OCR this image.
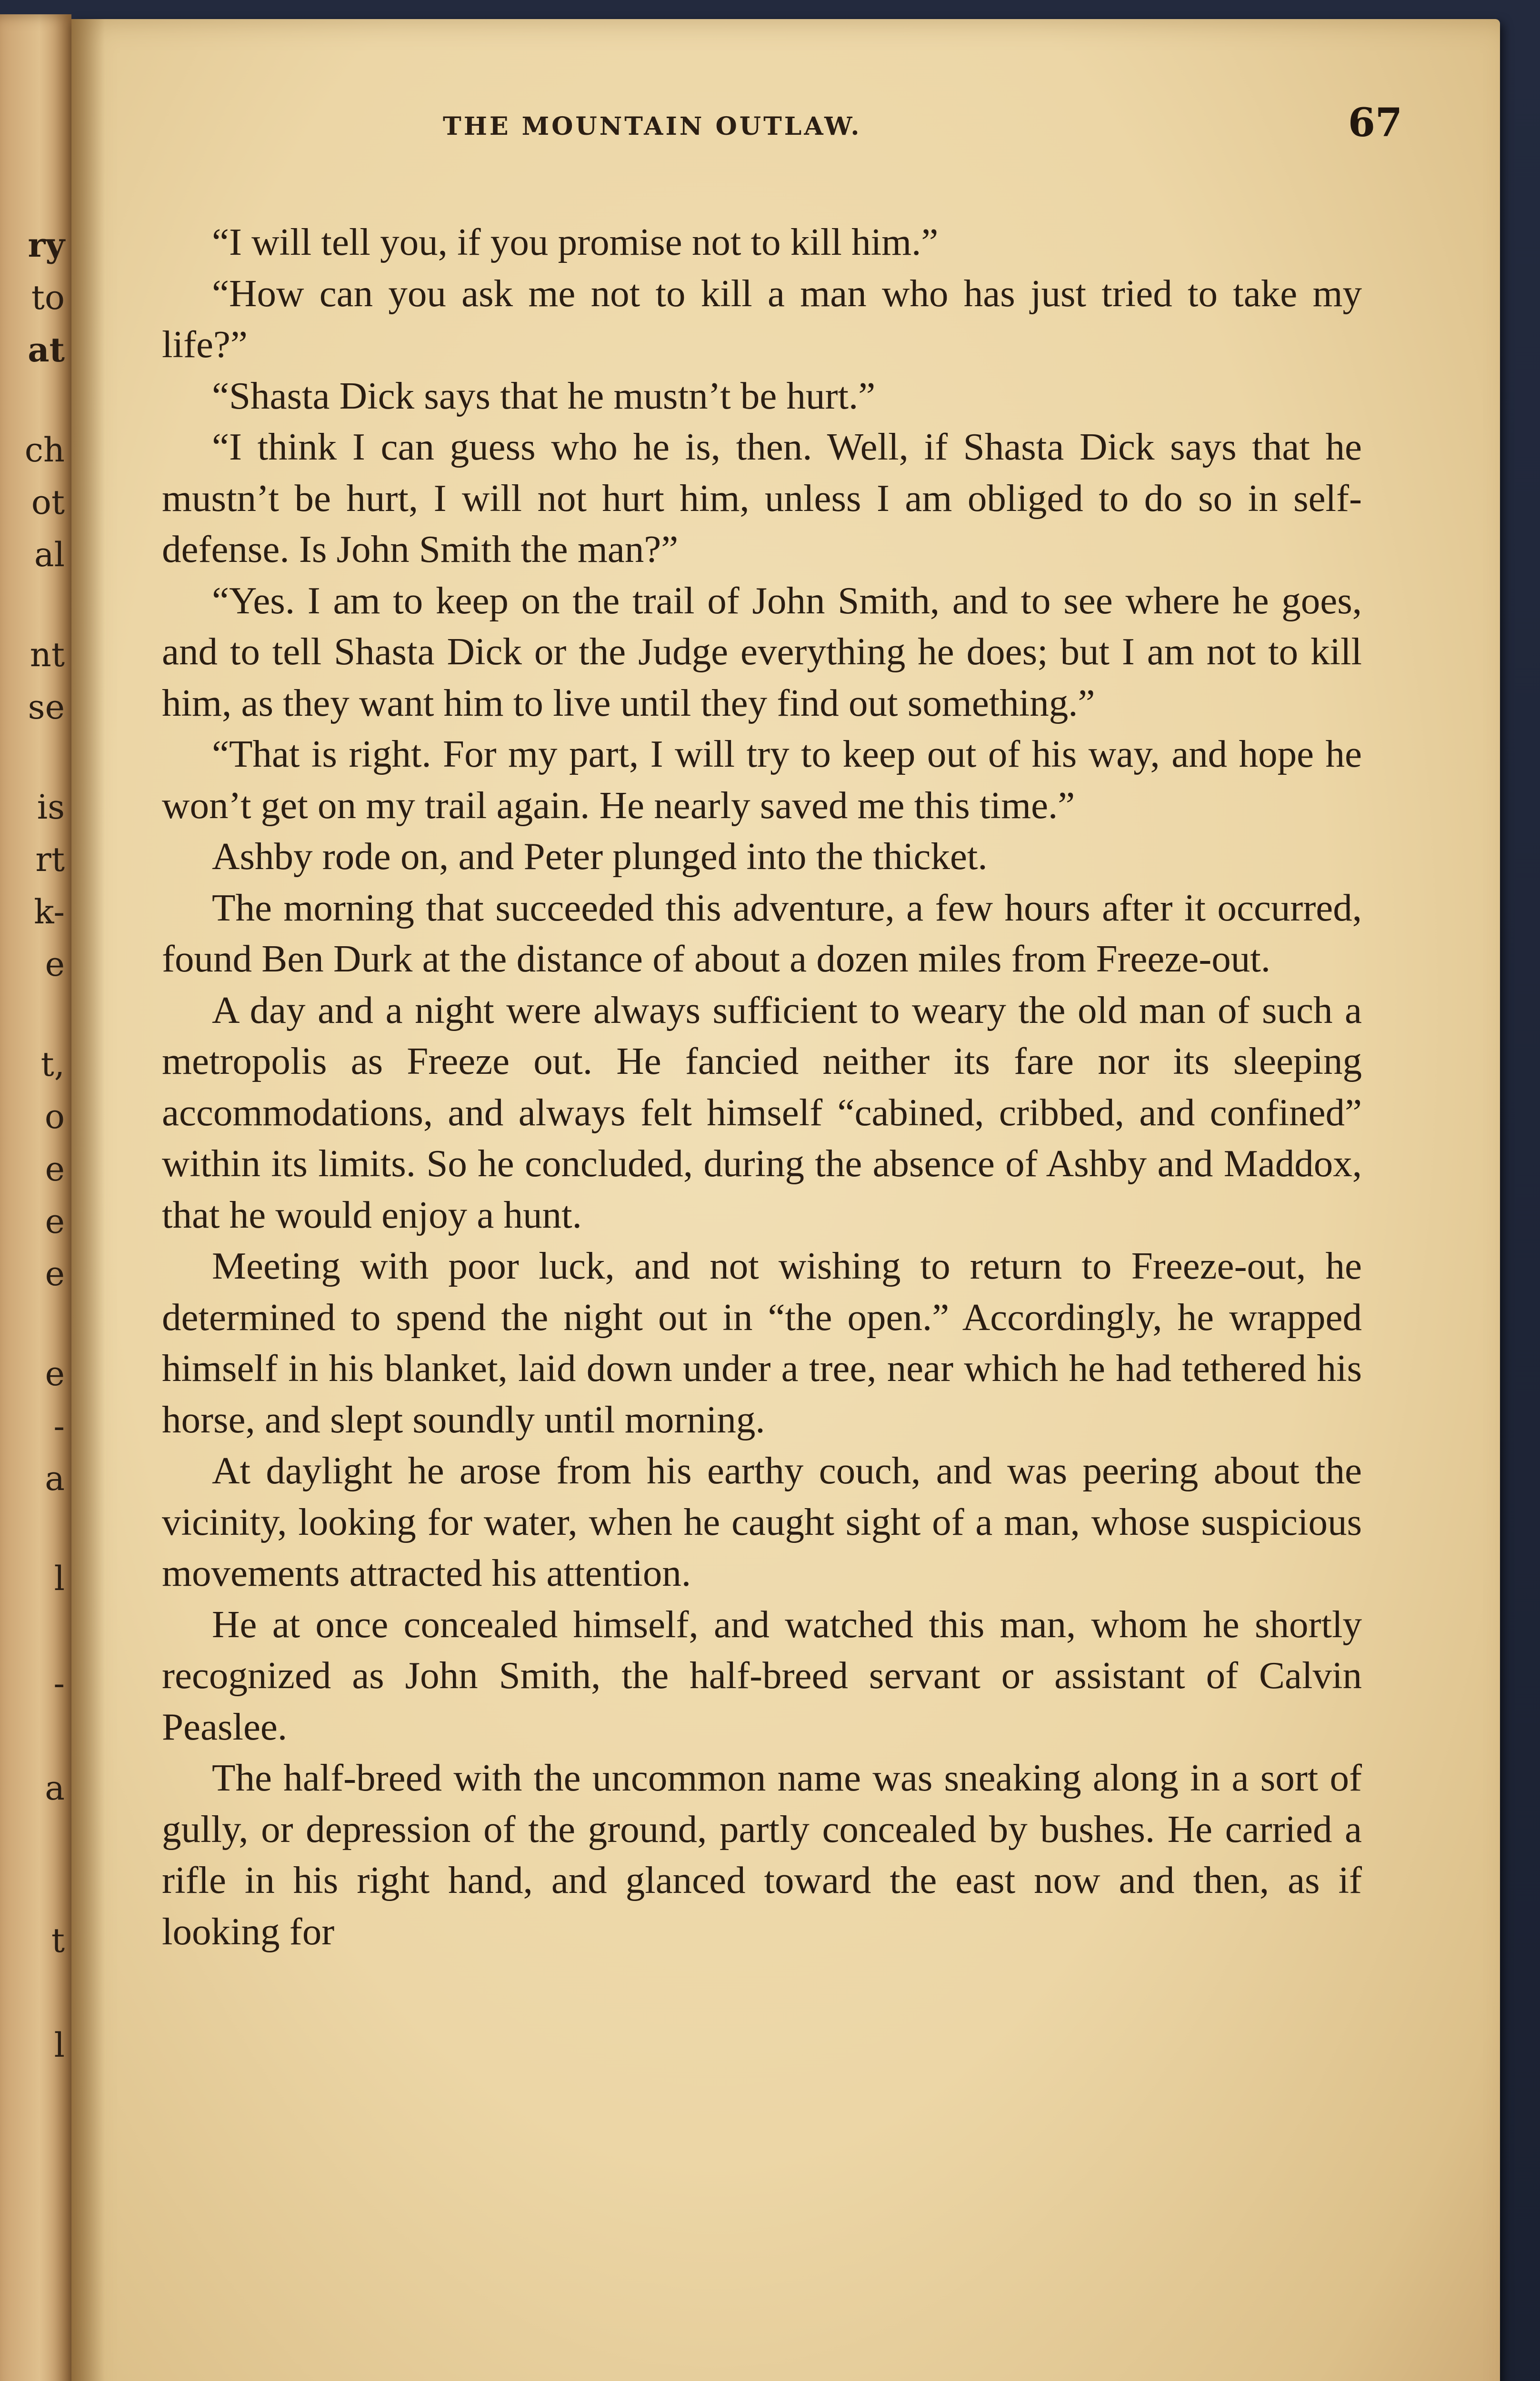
ry
to
at
ch
ot
al
nt
se
is
rt
k-
e
t,
o
e
e
e
e
-
a
l
-
a
t
l
THE MOUNTAIN OUTLAW.	67

“I will tell you, if you promise not to kill him.”

“How can you ask me not to kill a man who has just tried to take my life?”

“Shasta Dick says that he mustn’t be hurt.”

“I think I can guess who he is, then. Well, if Shasta Dick says that he mustn’t be hurt, I will not hurt him, unless I am obliged to do so in self-defense. Is John Smith the man?”

“Yes. I am to keep on the trail of John Smith, and to see where he goes, and to tell Shasta Dick or the Judge everything he does; but I am not to kill him, as they want him to live until they find out something.”

“That is right. For my part, I will try to keep out of his way, and hope he won’t get on my trail again. He nearly saved me this time.”

Ashby rode on, and Peter plunged into the thicket.

The morning that succeeded this adventure, a few hours after it occurred, found Ben Durk at the distance of about a dozen miles from Freeze-out.

A day and a night were always sufficient to weary the old man of such a metropolis as Freeze out. He fancied neither its fare nor its sleeping accommodations, and always felt himself “cabined, cribbed, and confined” within its limits. So he concluded, during the absence of Ashby and Maddox, that he would enjoy a hunt.

Meeting with poor luck, and not wishing to return to Freeze-out, he determined to spend the night out in “the open.” Accordingly, he wrapped himself in his blanket, laid down under a tree, near which he had tethered his horse, and slept soundly until morning.

At daylight he arose from his earthy couch, and was peering about the vicinity, looking for water, when he caught sight of a man, whose suspicious movements attracted his attention.

He at once concealed himself, and watched this man, whom he shortly recognized as John Smith, the half-breed servant or assistant of Calvin Peaslee.

The half-breed with the uncommon name was sneaking along in a sort of gully, or depression of the ground, partly concealed by bushes. He carried a rifle in his right hand, and glanced toward the east now and then, as if looking for
